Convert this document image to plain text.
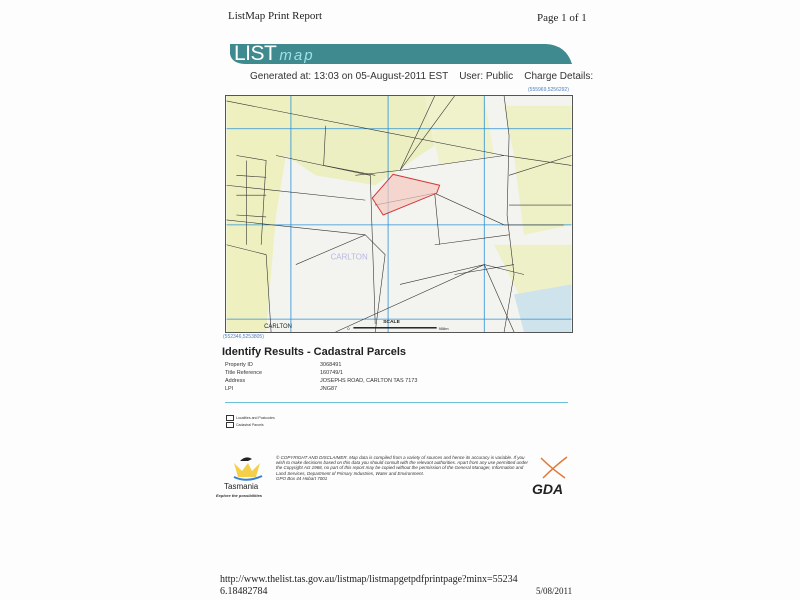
ListMap Print Report	Page 1 of 1
LIST map
Generated at: 13:03 on 05-August-2011 EST    User: Public    Charge Details:
(555969,5256292)
CARLTON
CARLTON
SCALE
0	906m
(552346,5253805)
Identify Results - Cadastral Parcels
Property ID	3068491
Title Reference	160749/1
Address	JOSEPHS ROAD, CARLTON TAS 7173
LPI	JNG87
Localities and Postcodes
Cadastral Parcels
Tasmania
Explore the possibilities
© COPYRIGHT AND DISCLAIMER. Map data is compiled from a variety of sources and hence its accuracy is variable. If you wish to make decisions based on this data you should consult with the relevant authorities. Apart from any use permitted under the Copyright Act 1968, no part of this report may be copied without the permission of the General Manager, Information and Land Services, Department of Primary Industries, Water and Environment.
GPO Box 44 Hobart 7001
GDA
http://www.thelist.tas.gov.au/listmap/listmapgetpdfprintpage?minx=552346.18482784	5/08/2011
